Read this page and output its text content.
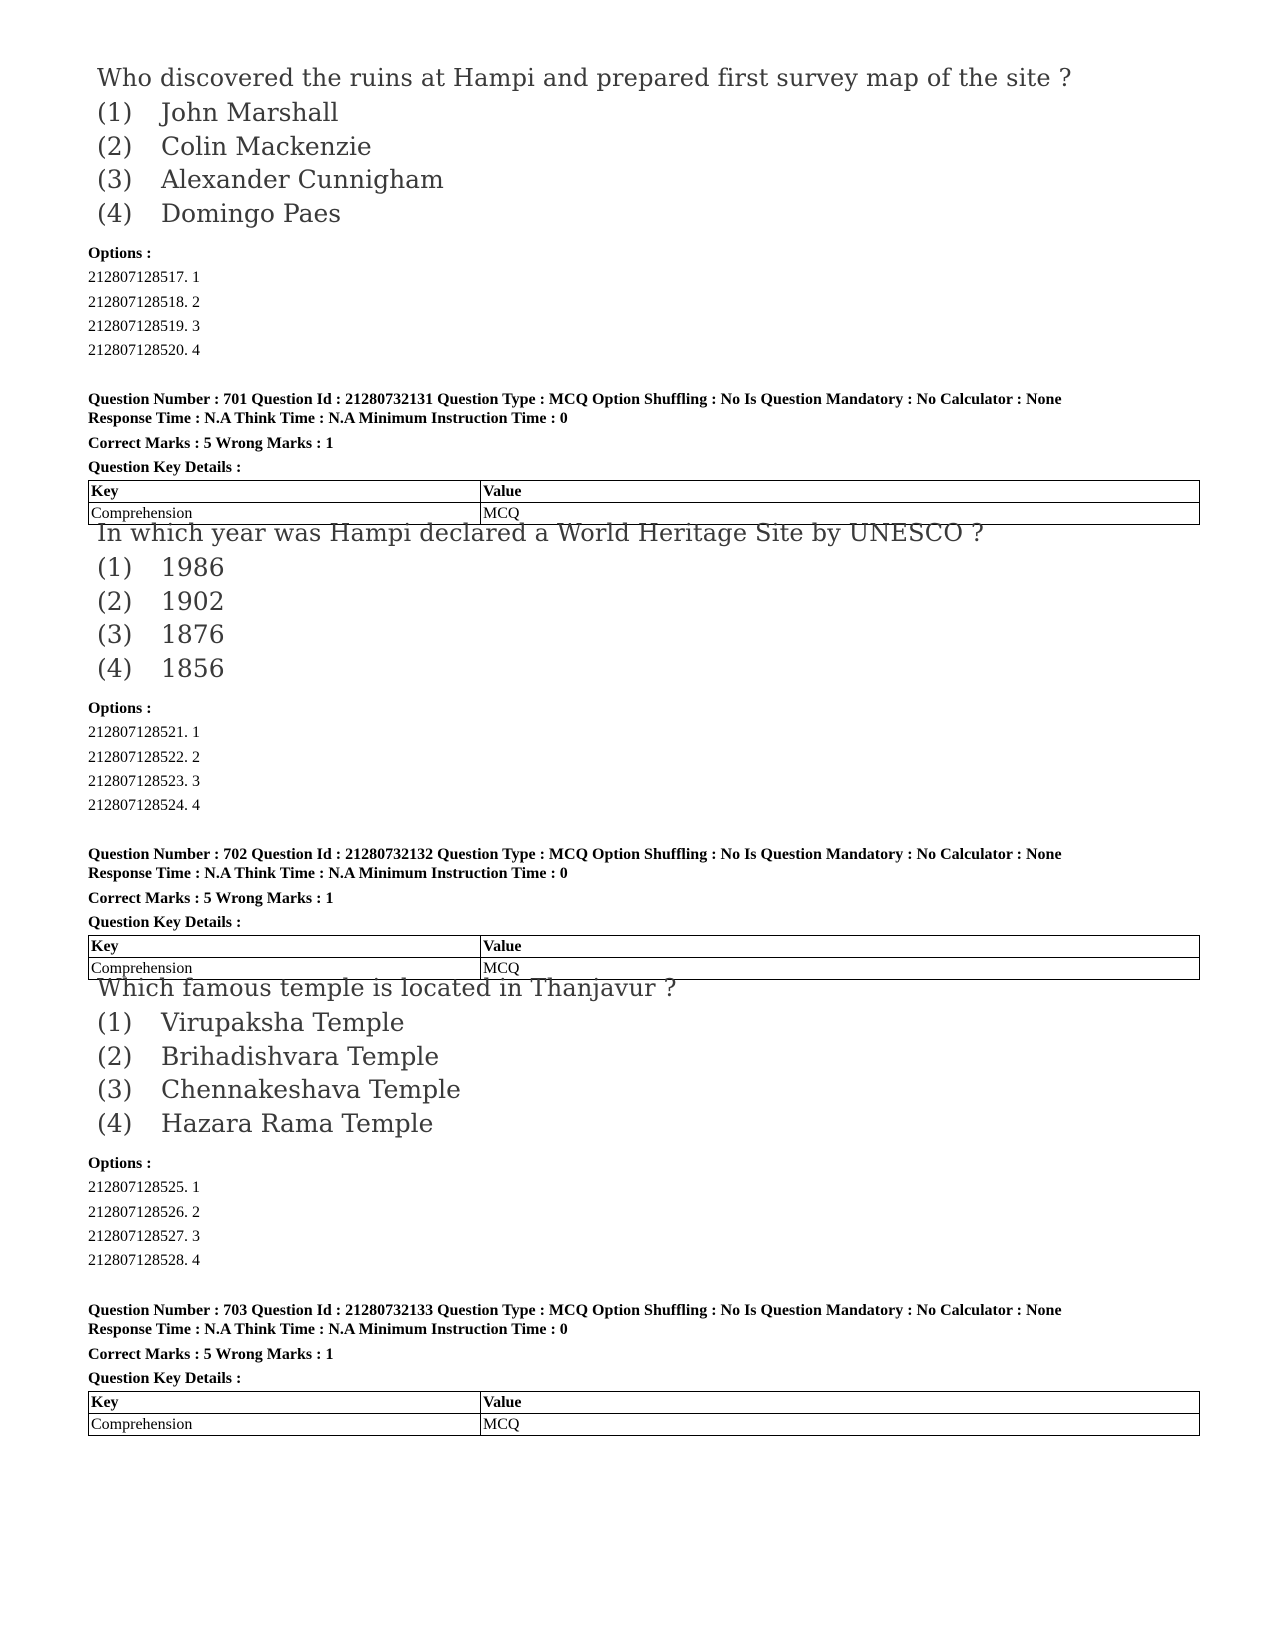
Who discovered the ruins at Hampi and prepared first survey map of the site ?
(1)	John Marshall
(2)	Colin Mackenzie
(3)	Alexander Cunnigham
(4)	Domingo Paes
Options :
212807128517. 1
212807128518. 2
212807128519. 3
212807128520. 4
Question Number : 701 Question Id : 21280732131 Question Type : MCQ Option Shuffling : No Is Question Mandatory : No Calculator : None
Response Time : N.A Think Time : N.A Minimum Instruction Time : 0
Correct Marks : 5 Wrong Marks : 1
Question Key Details :
Key	Value
Comprehension	MCQ
In which year was Hampi declared a World Heritage Site by UNESCO ?
(1)	1986
(2)	1902
(3)	1876
(4)	1856
Options :
212807128521. 1
212807128522. 2
212807128523. 3
212807128524. 4
Question Number : 702 Question Id : 21280732132 Question Type : MCQ Option Shuffling : No Is Question Mandatory : No Calculator : None
Response Time : N.A Think Time : N.A Minimum Instruction Time : 0
Correct Marks : 5 Wrong Marks : 1
Question Key Details :
Key	Value
Comprehension	MCQ
Which famous temple is located in Thanjavur ?
(1)	Virupaksha Temple
(2)	Brihadishvara Temple
(3)	Chennakeshava Temple
(4)	Hazara Rama Temple
Options :
212807128525. 1
212807128526. 2
212807128527. 3
212807128528. 4
Question Number : 703 Question Id : 21280732133 Question Type : MCQ Option Shuffling : No Is Question Mandatory : No Calculator : None
Response Time : N.A Think Time : N.A Minimum Instruction Time : 0
Correct Marks : 5 Wrong Marks : 1
Question Key Details :
Key	Value
Comprehension	MCQ
